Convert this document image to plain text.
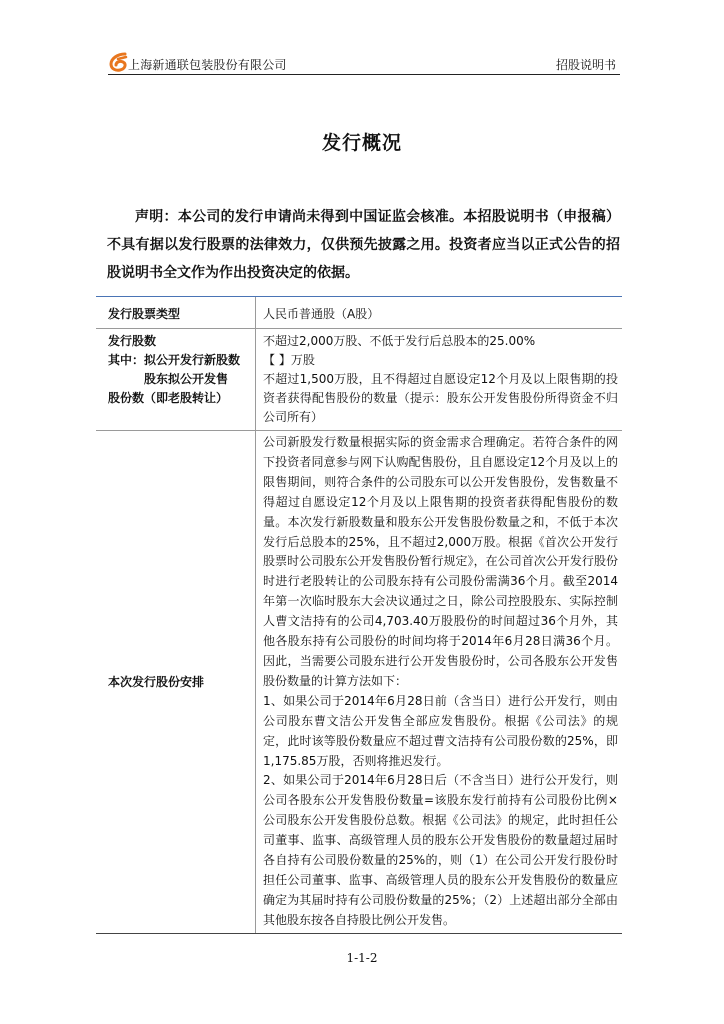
上海新通联包装股份有限公司	招股说明书
发行概况
声明：本公司的发行申请尚未得到中国证监会核准。本招股说明书（申报稿）不具有据以发行股票的法律效力，仅供预先披露之用。投资者应当以正式公告的招股说明书全文作为作出投资决定的依据。
发行股票类型	人民币普通股（A股）
发行股数
其中：拟公开发行新股数
股东拟公开发售
股份数（即老股转让）
不超过2,000万股、不低于发行后总股本的25.00%
【 】万股
不超过1,500万股，且不得超过自愿设定12个月及以上限售期的投资者获得配售股份的数量（提示：股东公开发售股份所得资金不归公司所有）
本次发行股份安排

公司新股发行数量根据实际的资金需求合理确定。若符合条件的网下投资者同意参与网下认购配售股份，且自愿设定12个月及以上的限售期间，则符合条件的公司股东可以公开发售股份，发售数量不得超过自愿设定12个月及以上限售期的投资者获得配售股份的数量。本次发行新股数量和股东公开发售股份数量之和，不低于本次发行后总股本的25%，且不超过2,000万股。根据《首次公开发行股票时公司股东公开发售股份暂行规定》，在公司首次公开发行股份时进行老股转让的公司股东持有公司股份需满36个月。截至2014年第一次临时股东大会决议通过之日，除公司控股股东、实际控制人曹文洁持有的公司4,703.40万股股份的时间超过36个月外，其他各股东持有公司股份的时间均将于2014年6月28日满36个月。因此，当需要公司股东进行公开发售股份时，公司各股东公开发售股份数量的计算方法如下：

1、如果公司于2014年6月28日前（含当日）进行公开发行，则由公司股东曹文洁公开发售全部应发售股份。根据《公司法》的规定，此时该等股份数量应不超过曹文洁持有公司股份数的25%，即1,175.85万股，否则将推迟发行。

2、如果公司于2014年6月28日后（不含当日）进行公开发行，则公司各股东公开发售股份数量=该股东发行前持有公司股份比例×公司股东公开发售股份总数。根据《公司法》的规定，此时担任公司董事、监事、高级管理人员的股东公开发售股份的数量超过届时各自持有公司股份数量的25%的，则（1）在公司公开发行股份时担任公司董事、监事、高级管理人员的股东公开发售股份的数量应确定为其届时持有公司股份数量的25%；（2）上述超出部分全部由其他股东按各自持股比例公开发售。

1-1-2
